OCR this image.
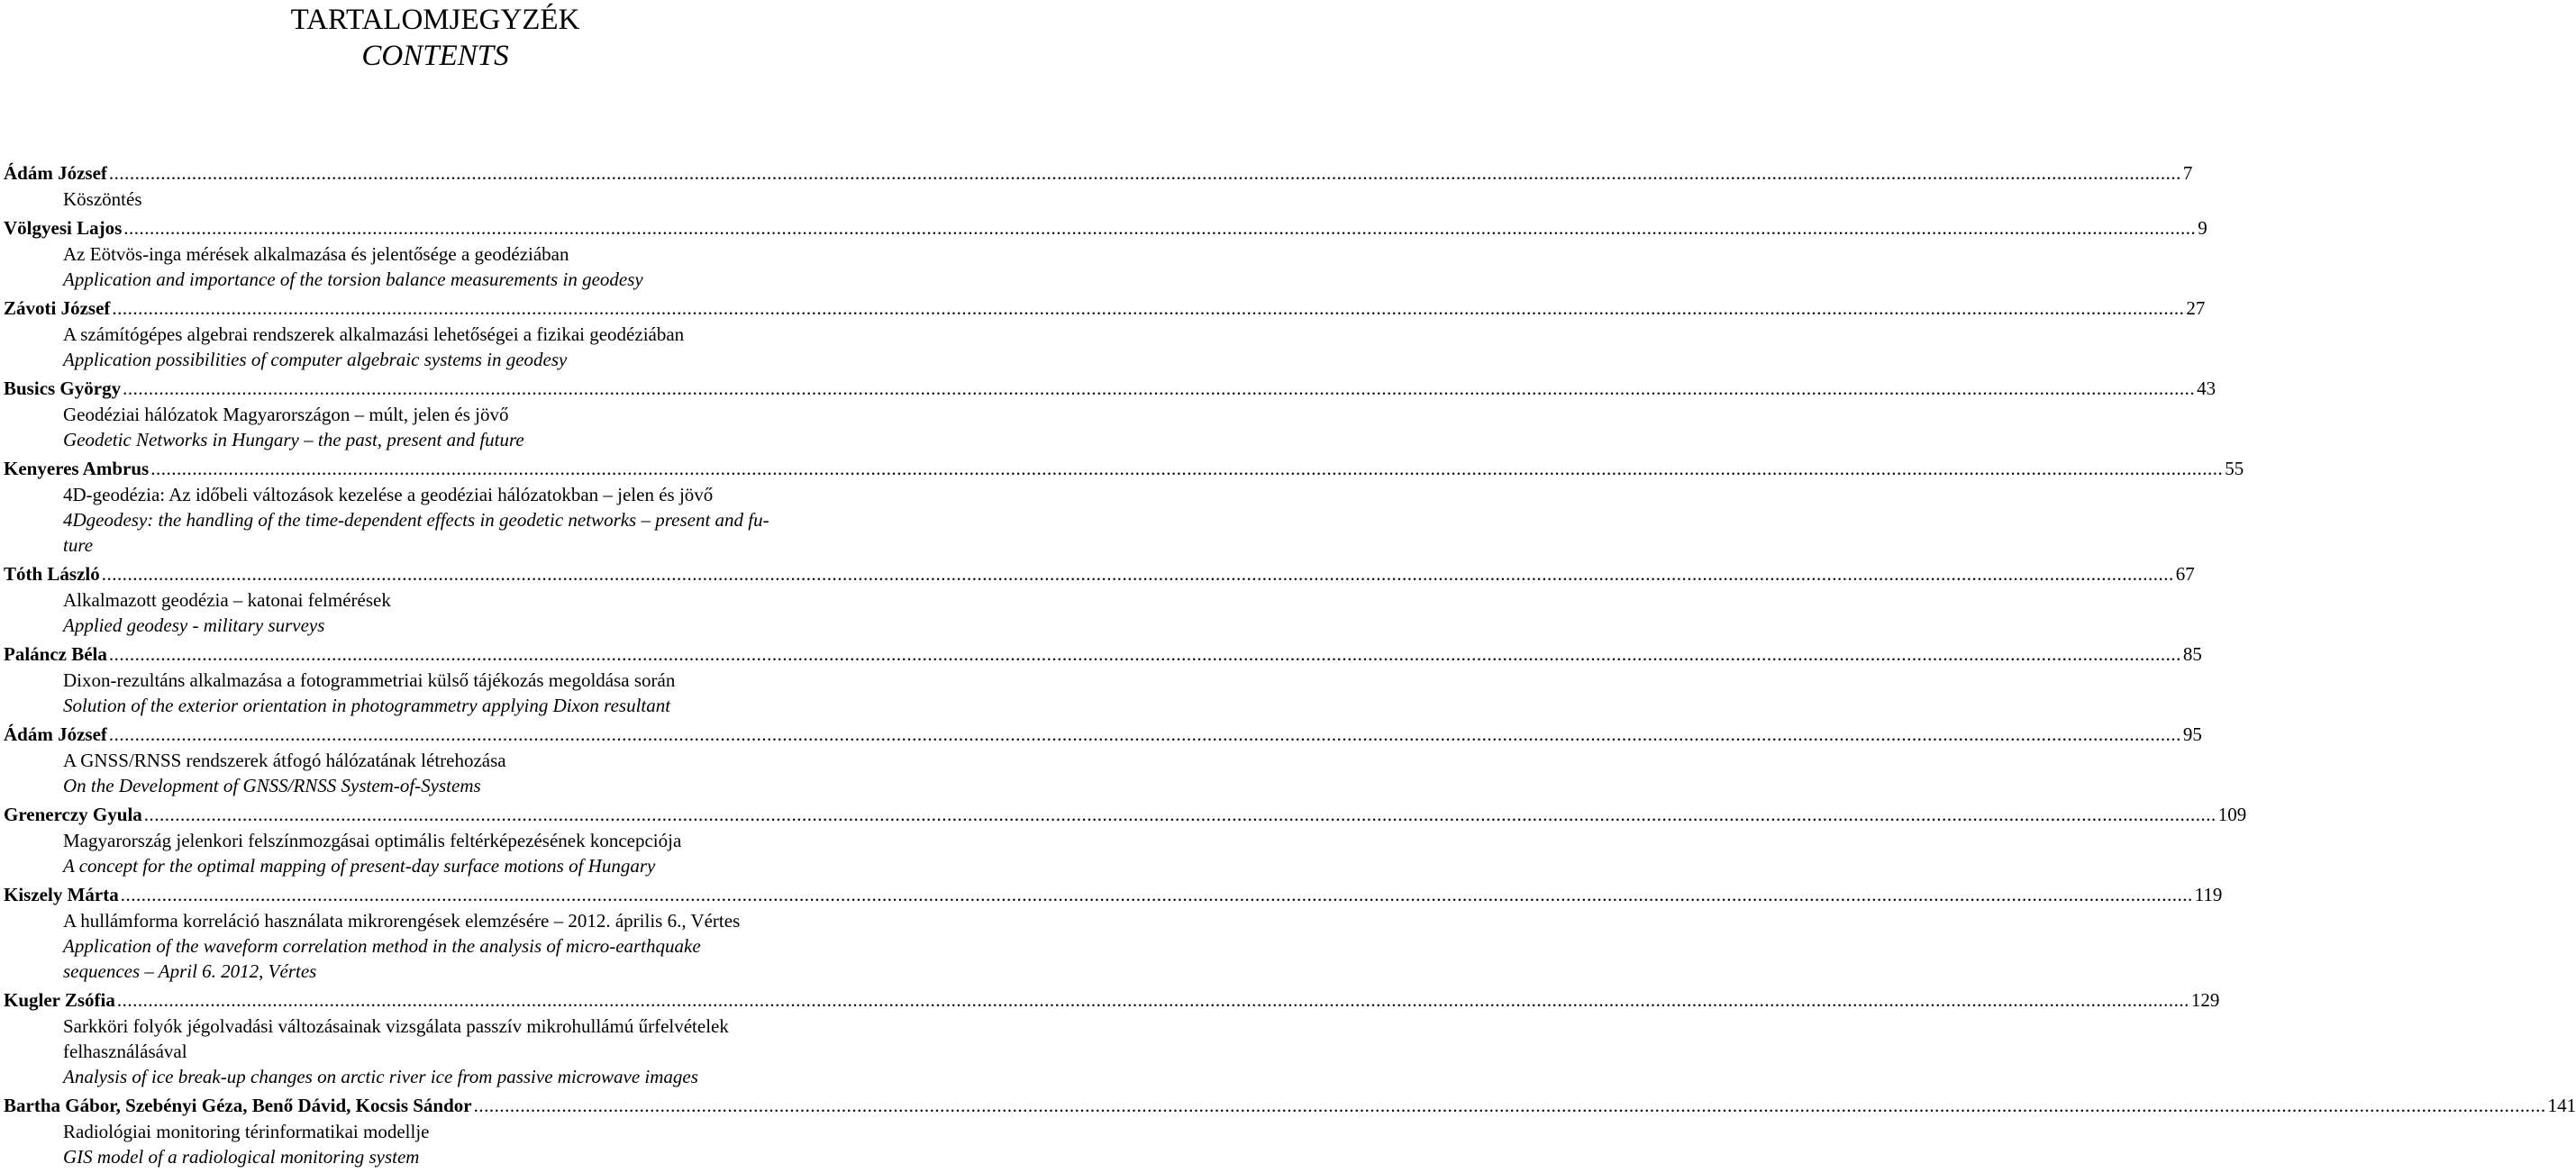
TARTALOMJEGYZÉK
CONTENTS
Ádám József ................................................................................................................................................................................................................................................................................................................................................................................................................ 7
Köszöntés
Völgyesi Lajos ................................................................................................................................................................................................................................................................................................................................................................................................................ 9
Az Eötvös-inga mérések alkalmazása és jelentősége a geodéziában
Application and importance of the torsion balance measurements in geodesy
Závoti József ................................................................................................................................................................................................................................................................................................................................................................................................................ 27
A számítógépes algebrai rendszerek alkalmazási lehetőségei a fizikai geodéziában
Application possibilities of computer algebraic systems in geodesy
Busics György ................................................................................................................................................................................................................................................................................................................................................................................................................ 43
Geodéziai hálózatok Magyarországon – múlt, jelen és jövő
Geodetic Networks in Hungary – the past, present and future
Kenyeres Ambrus ................................................................................................................................................................................................................................................................................................................................................................................................................ 55
4D-geodézia: Az időbeli változások kezelése a geodéziai hálózatokban – jelen és jövő
4Dgeodesy: the handling of the time-dependent effects in geodetic networks – present and fu-
ture
Tóth László ................................................................................................................................................................................................................................................................................................................................................................................................................ 67
Alkalmazott geodézia – katonai felmérések
Applied geodesy - military surveys
Paláncz Béla ................................................................................................................................................................................................................................................................................................................................................................................................................ 85
Dixon-rezultáns alkalmazása a fotogrammetriai külső tájékozás megoldása során
Solution of the exterior orientation in photogrammetry applying Dixon resultant
Ádám József ................................................................................................................................................................................................................................................................................................................................................................................................................ 95
A GNSS/RNSS rendszerek átfogó hálózatának létrehozása
On the Development of GNSS/RNSS System-of-Systems
Grenerczy Gyula ................................................................................................................................................................................................................................................................................................................................................................................................................ 109
Magyarország jelenkori felszínmozgásai optimális feltérképezésének koncepciója
A concept for the optimal mapping of present-day surface motions of Hungary
Kiszely Márta ................................................................................................................................................................................................................................................................................................................................................................................................................ 119
A hullámforma korreláció használata mikrorengések elemzésére – 2012. április 6., Vértes
Application of the waveform correlation method in the analysis of micro-earthquake
sequences – April 6. 2012, Vértes
Kugler Zsófia ................................................................................................................................................................................................................................................................................................................................................................................................................ 129
Sarkköri folyók jégolvadási változásainak vizsgálata passzív mikrohullámú űrfelvételek
felhasználásával
Analysis of ice break-up changes on arctic river ice from passive microwave images
Bartha Gábor, Szebényi Géza, Benő Dávid, Kocsis Sándor ................................................................................................................................................................................................................................................................................................................................................................................................................ 141
Radiológiai monitoring térinformatikai modellje
GIS model of a radiological monitoring system
